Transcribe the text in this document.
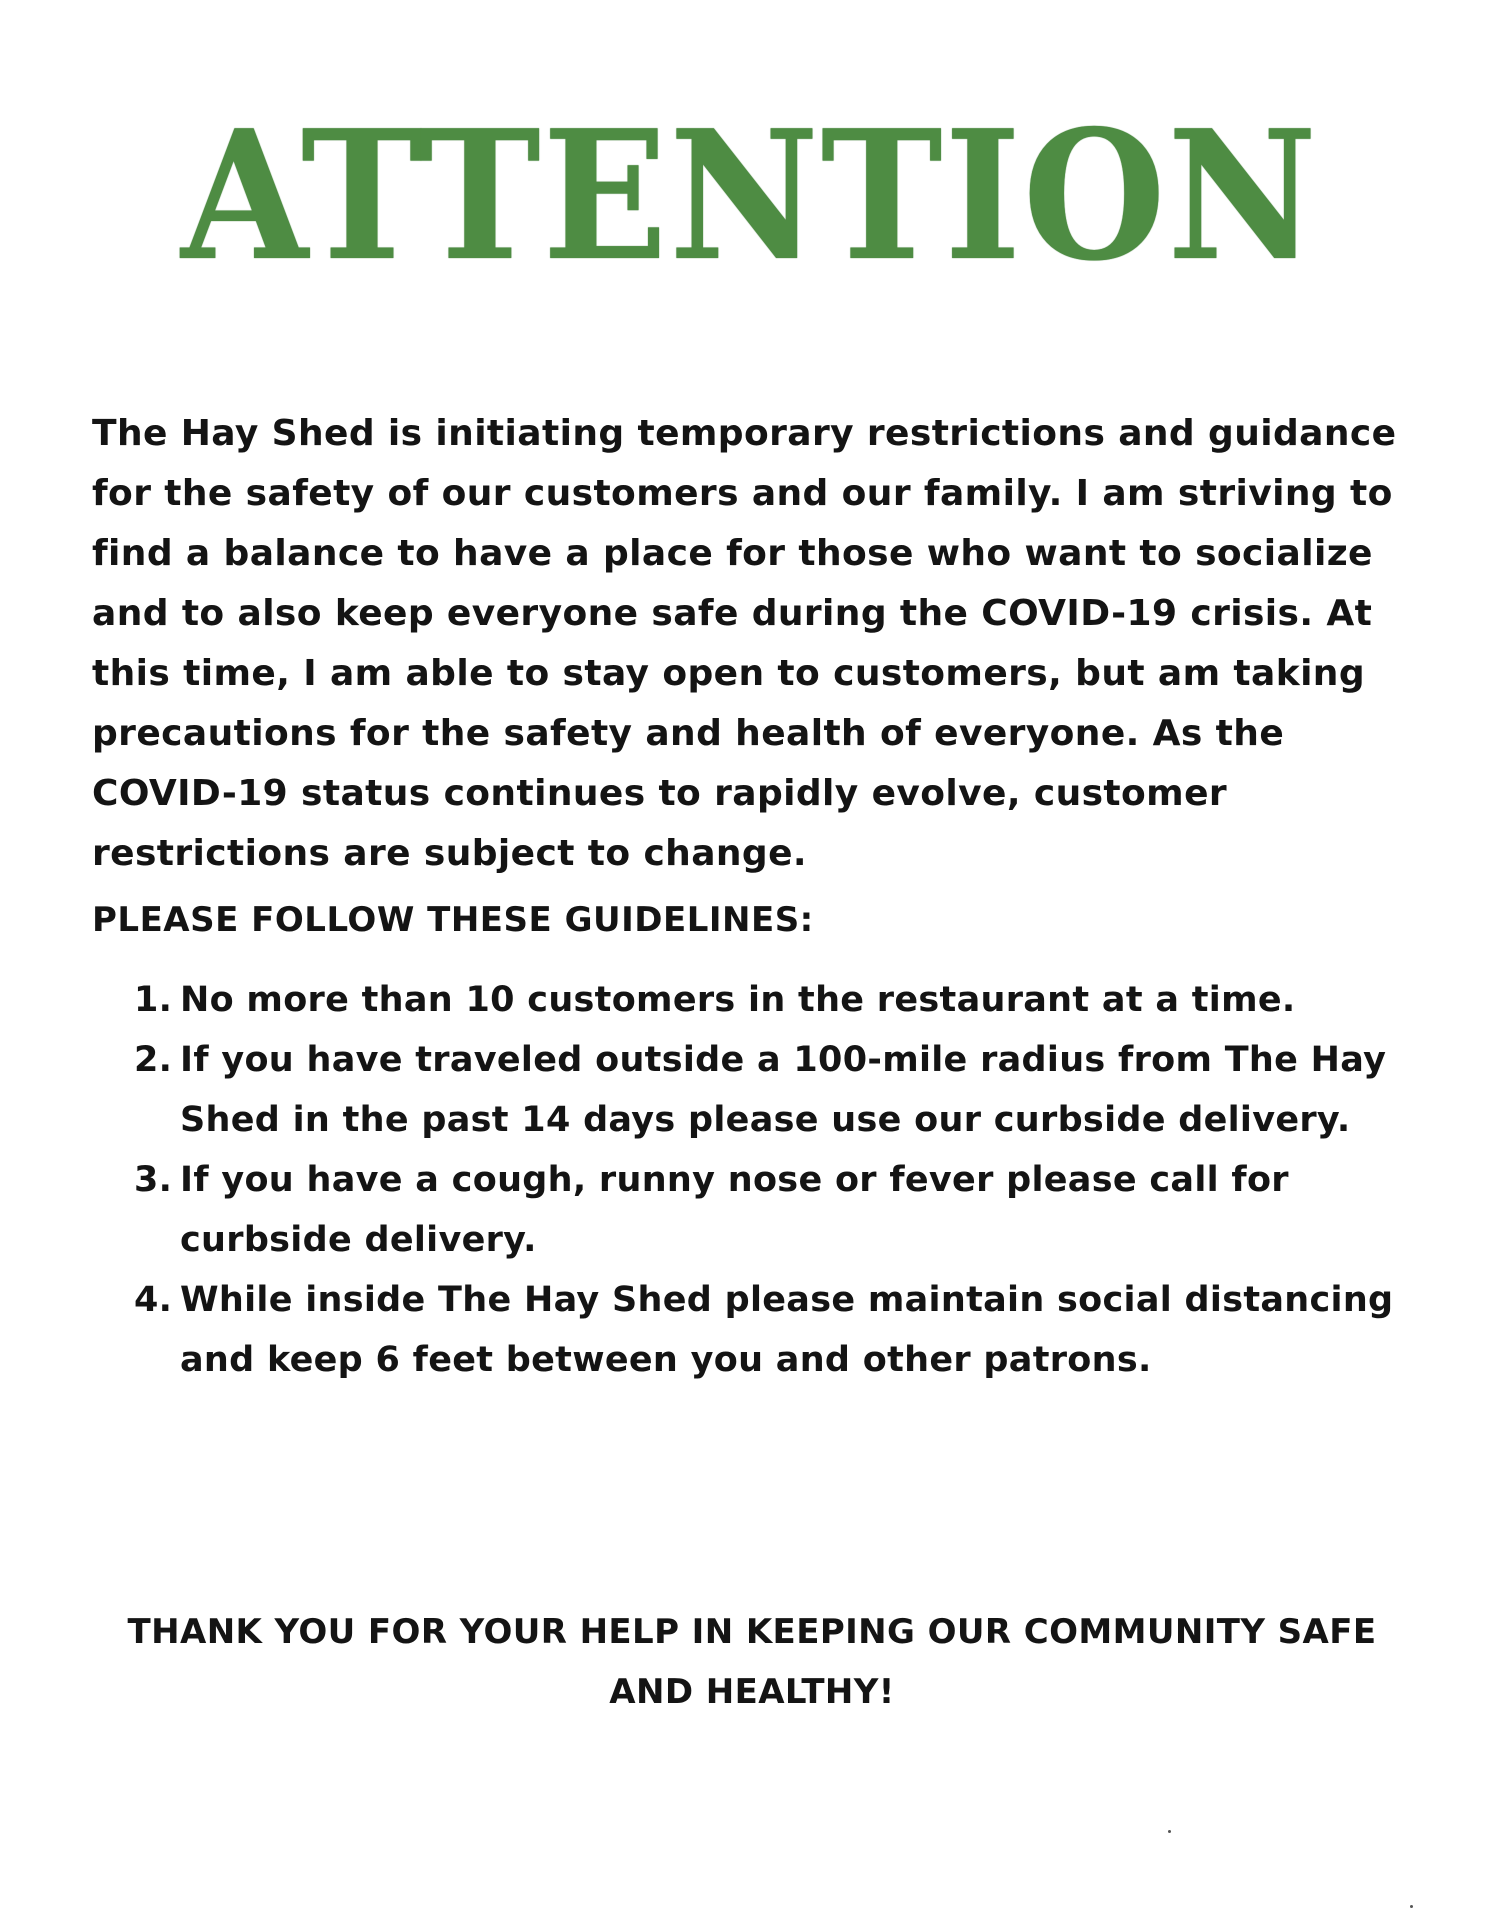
ATTENTION

The Hay Shed is initiating temporary restrictions and guidance for the safety of our customers and our family. I am striving to find a balance to have a place for those who want to socialize and to also keep everyone safe during the COVID-19 crisis. At this time, I am able to stay open to customers, but am taking precautions for the safety and health of everyone. As the COVID-19 status continues to rapidly evolve, customer restrictions are subject to change.

PLEASE FOLLOW THESE GUIDELINES:
1. No more than 10 customers in the restaurant at a time.
2. If you have traveled outside a 100-mile radius from The Hay Shed in the past 14 days please use our curbside delivery.
3. If you have a cough, runny nose or fever please call for curbside delivery.
4. While inside The Hay Shed please maintain social distancing and keep 6 feet between you and other patrons.

THANK YOU FOR YOUR HELP IN KEEPING OUR COMMUNITY SAFE AND HEALTHY!
